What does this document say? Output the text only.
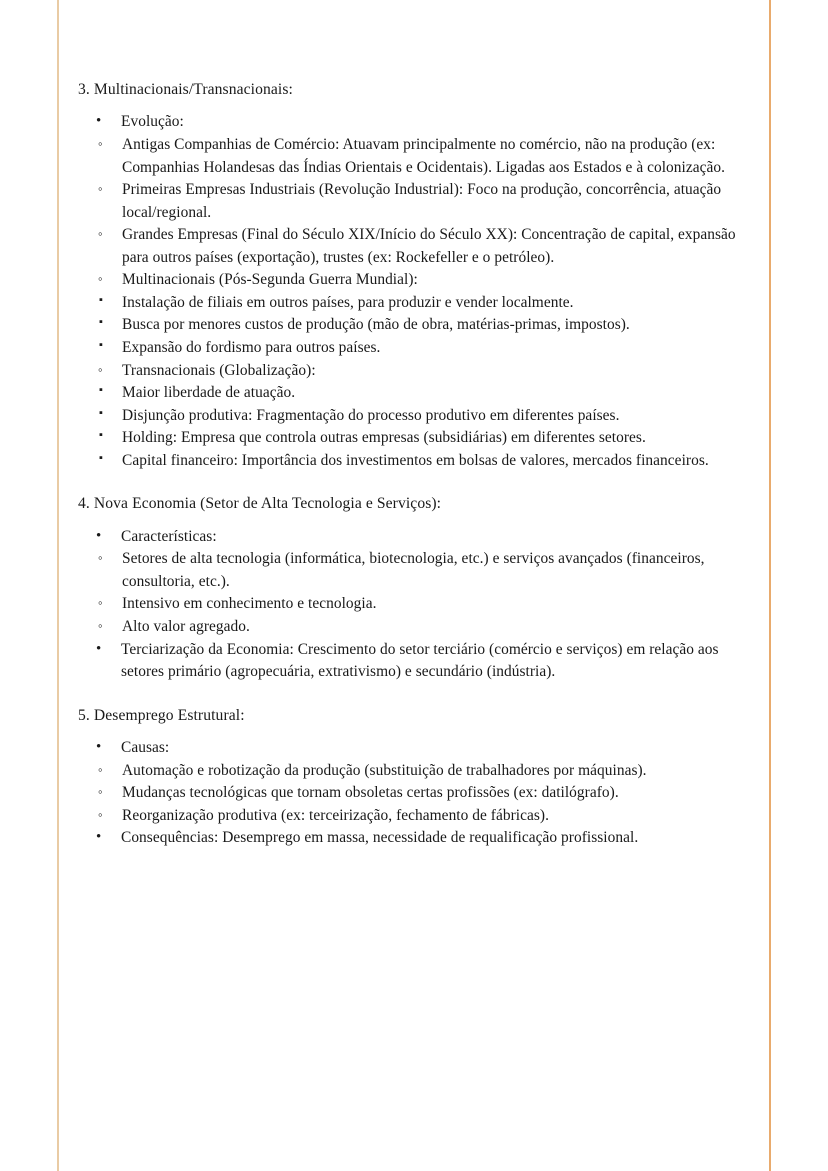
3. Multinacionais/Transnacionais:

•
Evolução:
◦
Antigas Companhias de Comércio: Atuavam principalmente no comércio, não na produção (ex: Companhias Holandesas das Índias Orientais e Ocidentais). Ligadas aos Estados e à colonização.
◦
Primeiras Empresas Industriais (Revolução Industrial): Foco na produção, concorrência, atuação local/regional.
◦
Grandes Empresas (Final do Século XIX/Início do Século XX): Concentração de capital, expansão para outros países (exportação), trustes (ex: Rockefeller e o petróleo).
◦
Multinacionais (Pós-Segunda Guerra Mundial):
▪
Instalação de filiais em outros países, para produzir e vender localmente.
▪
Busca por menores custos de produção (mão de obra, matérias-primas, impostos).
▪
Expansão do fordismo para outros países.
◦
Transnacionais (Globalização):
▪
Maior liberdade de atuação.
▪
Disjunção produtiva: Fragmentação do processo produtivo em diferentes países.
▪
Holding: Empresa que controla outras empresas (subsidiárias) em diferentes setores.
▪
Capital financeiro: Importância dos investimentos em bolsas de valores, mercados financeiros.

4. Nova Economia (Setor de Alta Tecnologia e Serviços):

•
Características:
◦
Setores de alta tecnologia (informática, biotecnologia, etc.) e serviços avançados (financeiros, consultoria, etc.).
◦
Intensivo em conhecimento e tecnologia.
◦
Alto valor agregado.
•
Terciarização da Economia: Crescimento do setor terciário (comércio e serviços) em relação aos setores primário (agropecuária, extrativismo) e secundário (indústria).

5. Desemprego Estrutural:

•
Causas:
◦
Automação e robotização da produção (substituição de trabalhadores por máquinas).
◦
Mudanças tecnológicas que tornam obsoletas certas profissões (ex: datilógrafo).
◦
Reorganização produtiva (ex: terceirização, fechamento de fábricas).
•
Consequências: Desemprego em massa, necessidade de requalificação profissional.
